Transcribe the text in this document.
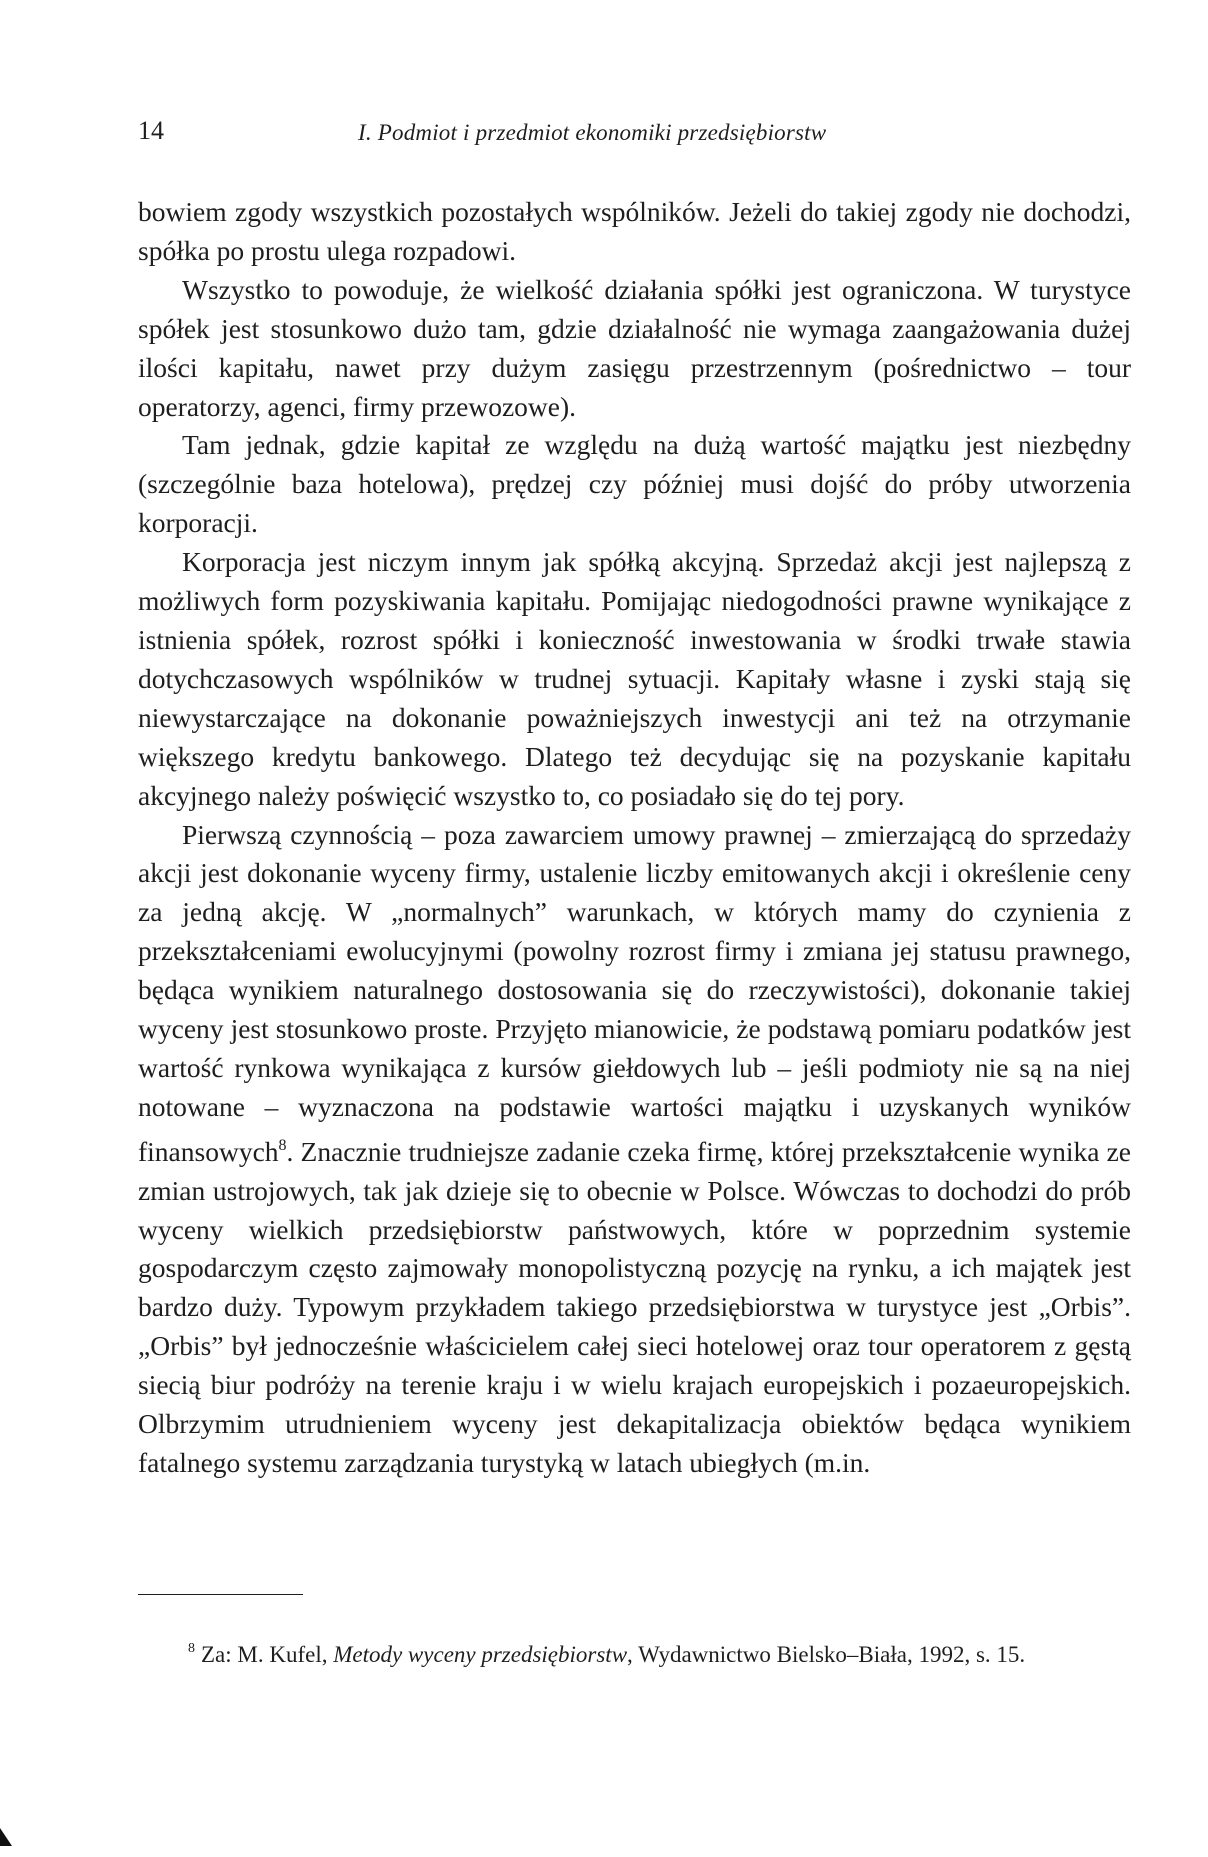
14	I. Podmiot i przedmiot ekonomiki przedsiębiorstw

bowiem zgody wszystkich pozostałych wspólników. Jeżeli do takiej zgody nie dochodzi, spółka po prostu ulega rozpadowi.

Wszystko to powoduje, że wielkość działania spółki jest ograniczona. W turystyce spółek jest stosunkowo dużo tam, gdzie działalność nie wymaga zaangażowania dużej ilości kapitału, nawet przy dużym zasięgu przestrzennym (pośrednictwo – tour operatorzy, agenci, firmy przewozowe).

Tam jednak, gdzie kapitał ze względu na dużą wartość majątku jest niezbędny (szczególnie baza hotelowa), prędzej czy później musi dojść do próby utworzenia korporacji.

Korporacja jest niczym innym jak spółką akcyjną. Sprzedaż akcji jest najlepszą z możliwych form pozyskiwania kapitału. Pomijając niedogodności prawne wynikające z istnienia spółek, rozrost spółki i konieczność inwestowania w środki trwałe stawia dotychczasowych wspólników w trudnej sytuacji. Kapitały własne i zyski stają się niewystarczające na dokonanie poważniejszych inwestycji ani też na otrzymanie większego kredytu bankowego. Dlatego też decydując się na pozyskanie kapitału akcyjnego należy poświęcić wszystko to, co posiadało się do tej pory.

Pierwszą czynnością – poza zawarciem umowy prawnej – zmierzającą do sprzedaży akcji jest dokonanie wyceny firmy, ustalenie liczby emitowanych akcji i określenie ceny za jedną akcję. W „normalnych” warunkach, w których mamy do czynienia z przekształceniami ewolucyjnymi (powolny rozrost firmy i zmiana jej statusu prawnego, będąca wynikiem naturalnego dostosowania się do rzeczywistości), dokonanie takiej wyceny jest stosunkowo proste. Przyjęto mianowicie, że podstawą pomiaru podatków jest wartość rynkowa wynikająca z kursów giełdowych lub – jeśli podmioty nie są na niej notowane – wyznaczona na podstawie wartości majątku i uzyskanych wyników finansowych$^8$. Znacznie trudniejsze zadanie czeka firmę, której przekształcenie wynika ze zmian ustrojowych, tak jak dzieje się to obecnie w Polsce. Wówczas to dochodzi do prób wyceny wielkich przedsiębiorstw państwowych, które w poprzednim systemie gospodarczym często zajmowały monopolistyczną pozycję na rynku, a ich majątek jest bardzo duży. Typowym przykładem takiego przedsiębiorstwa w turystyce jest „Orbis”. „Orbis” był jednocześnie właścicielem całej sieci hotelowej oraz tour operatorem z gęstą siecią biur podróży na terenie kraju i w wielu krajach europejskich i pozaeuropejskich. Olbrzymim utrudnieniem wyceny jest dekapitalizacja obiektów będąca wynikiem fatalnego systemu zarządzania turystyką w latach ubiegłych (m.in.

$^8$ Za: M. Kufel, Metody wyceny przedsiębiorstw, Wydawnictwo Bielsko–Biała, 1992, s. 15.
